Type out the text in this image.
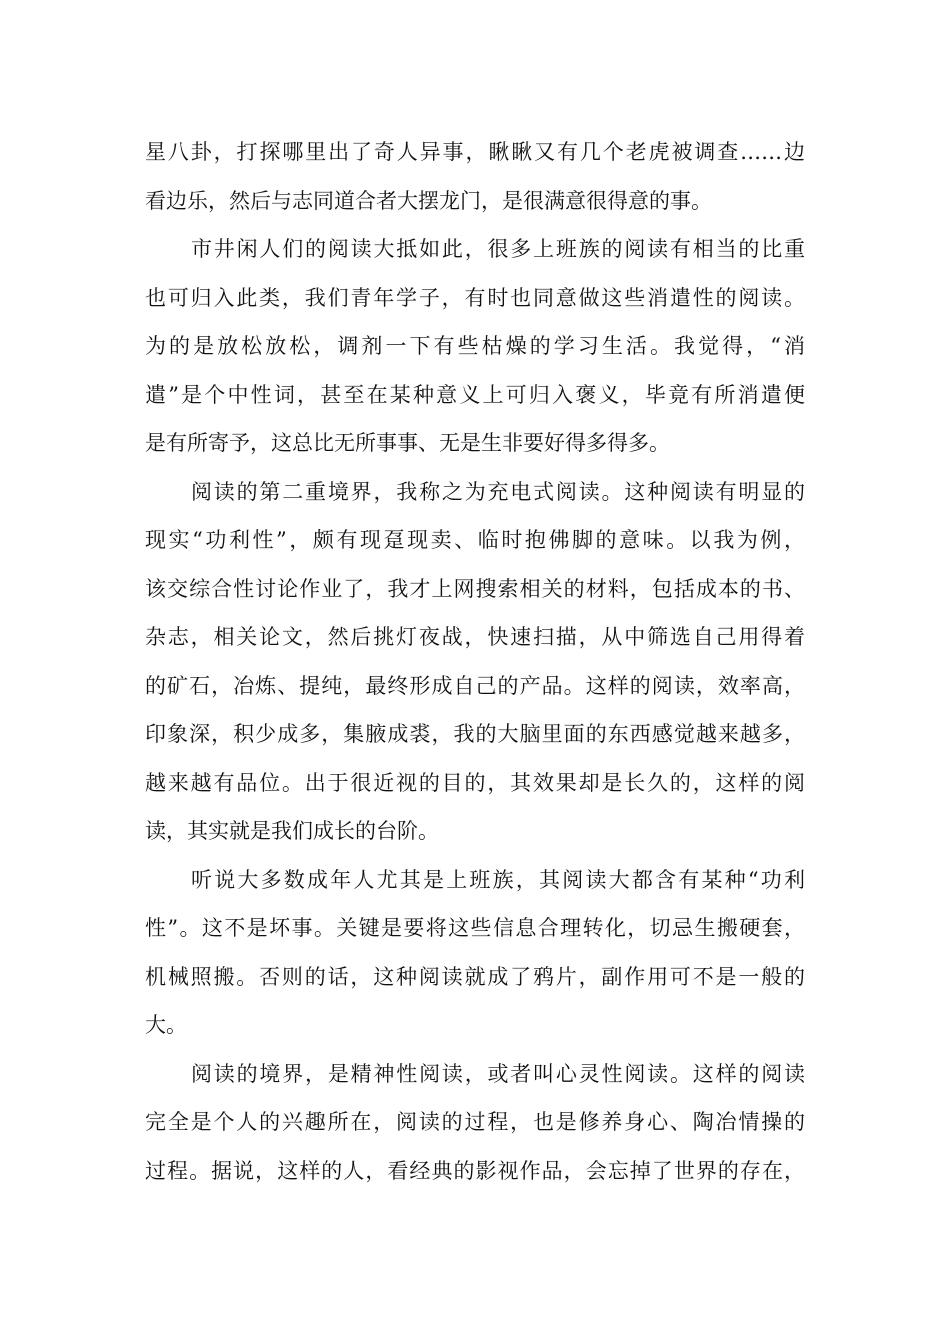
星八卦，打探哪里出了奇人异事，瞅瞅又有几个老虎被调查……边
看边乐，然后与志同道合者大摆龙门，是很满意很得意的事。
市井闲人们的阅读大抵如此，很多上班族的阅读有相当的比重
也可归入此类，我们青年学子，有时也同意做这些消遣性的阅读。
为的是放松放松，调剂一下有些枯燥的学习生活。我觉得，“消
遣”是个中性词，甚至在某种意义上可归入褒义，毕竟有所消遣便
是有所寄予，这总比无所事事、无是生非要好得多得多。
阅读的第二重境界，我称之为充电式阅读。这种阅读有明显的
现实“功利性”，颇有现趸现卖、临时抱佛脚的意味。以我为例，
该交综合性讨论作业了，我才上网搜索相关的材料，包括成本的书、
杂志，相关论文，然后挑灯夜战，快速扫描，从中筛选自己用得着
的矿石，冶炼、提纯，最终形成自己的产品。这样的阅读，效率高，
印象深，积少成多，集腋成裘，我的大脑里面的东西感觉越来越多，
越来越有品位。出于很近视的目的，其效果却是长久的，这样的阅
读，其实就是我们成长的台阶。
听说大多数成年人尤其是上班族，其阅读大都含有某种“功利
性”。这不是坏事。关键是要将这些信息合理转化，切忌生搬硬套，
机械照搬。否则的话，这种阅读就成了鸦片，副作用可不是一般的
大。
阅读的境界，是精神性阅读，或者叫心灵性阅读。这样的阅读
完全是个人的兴趣所在，阅读的过程，也是修养身心、陶冶情操的
过程。据说，这样的人，看经典的影视作品，会忘掉了世界的存在，
